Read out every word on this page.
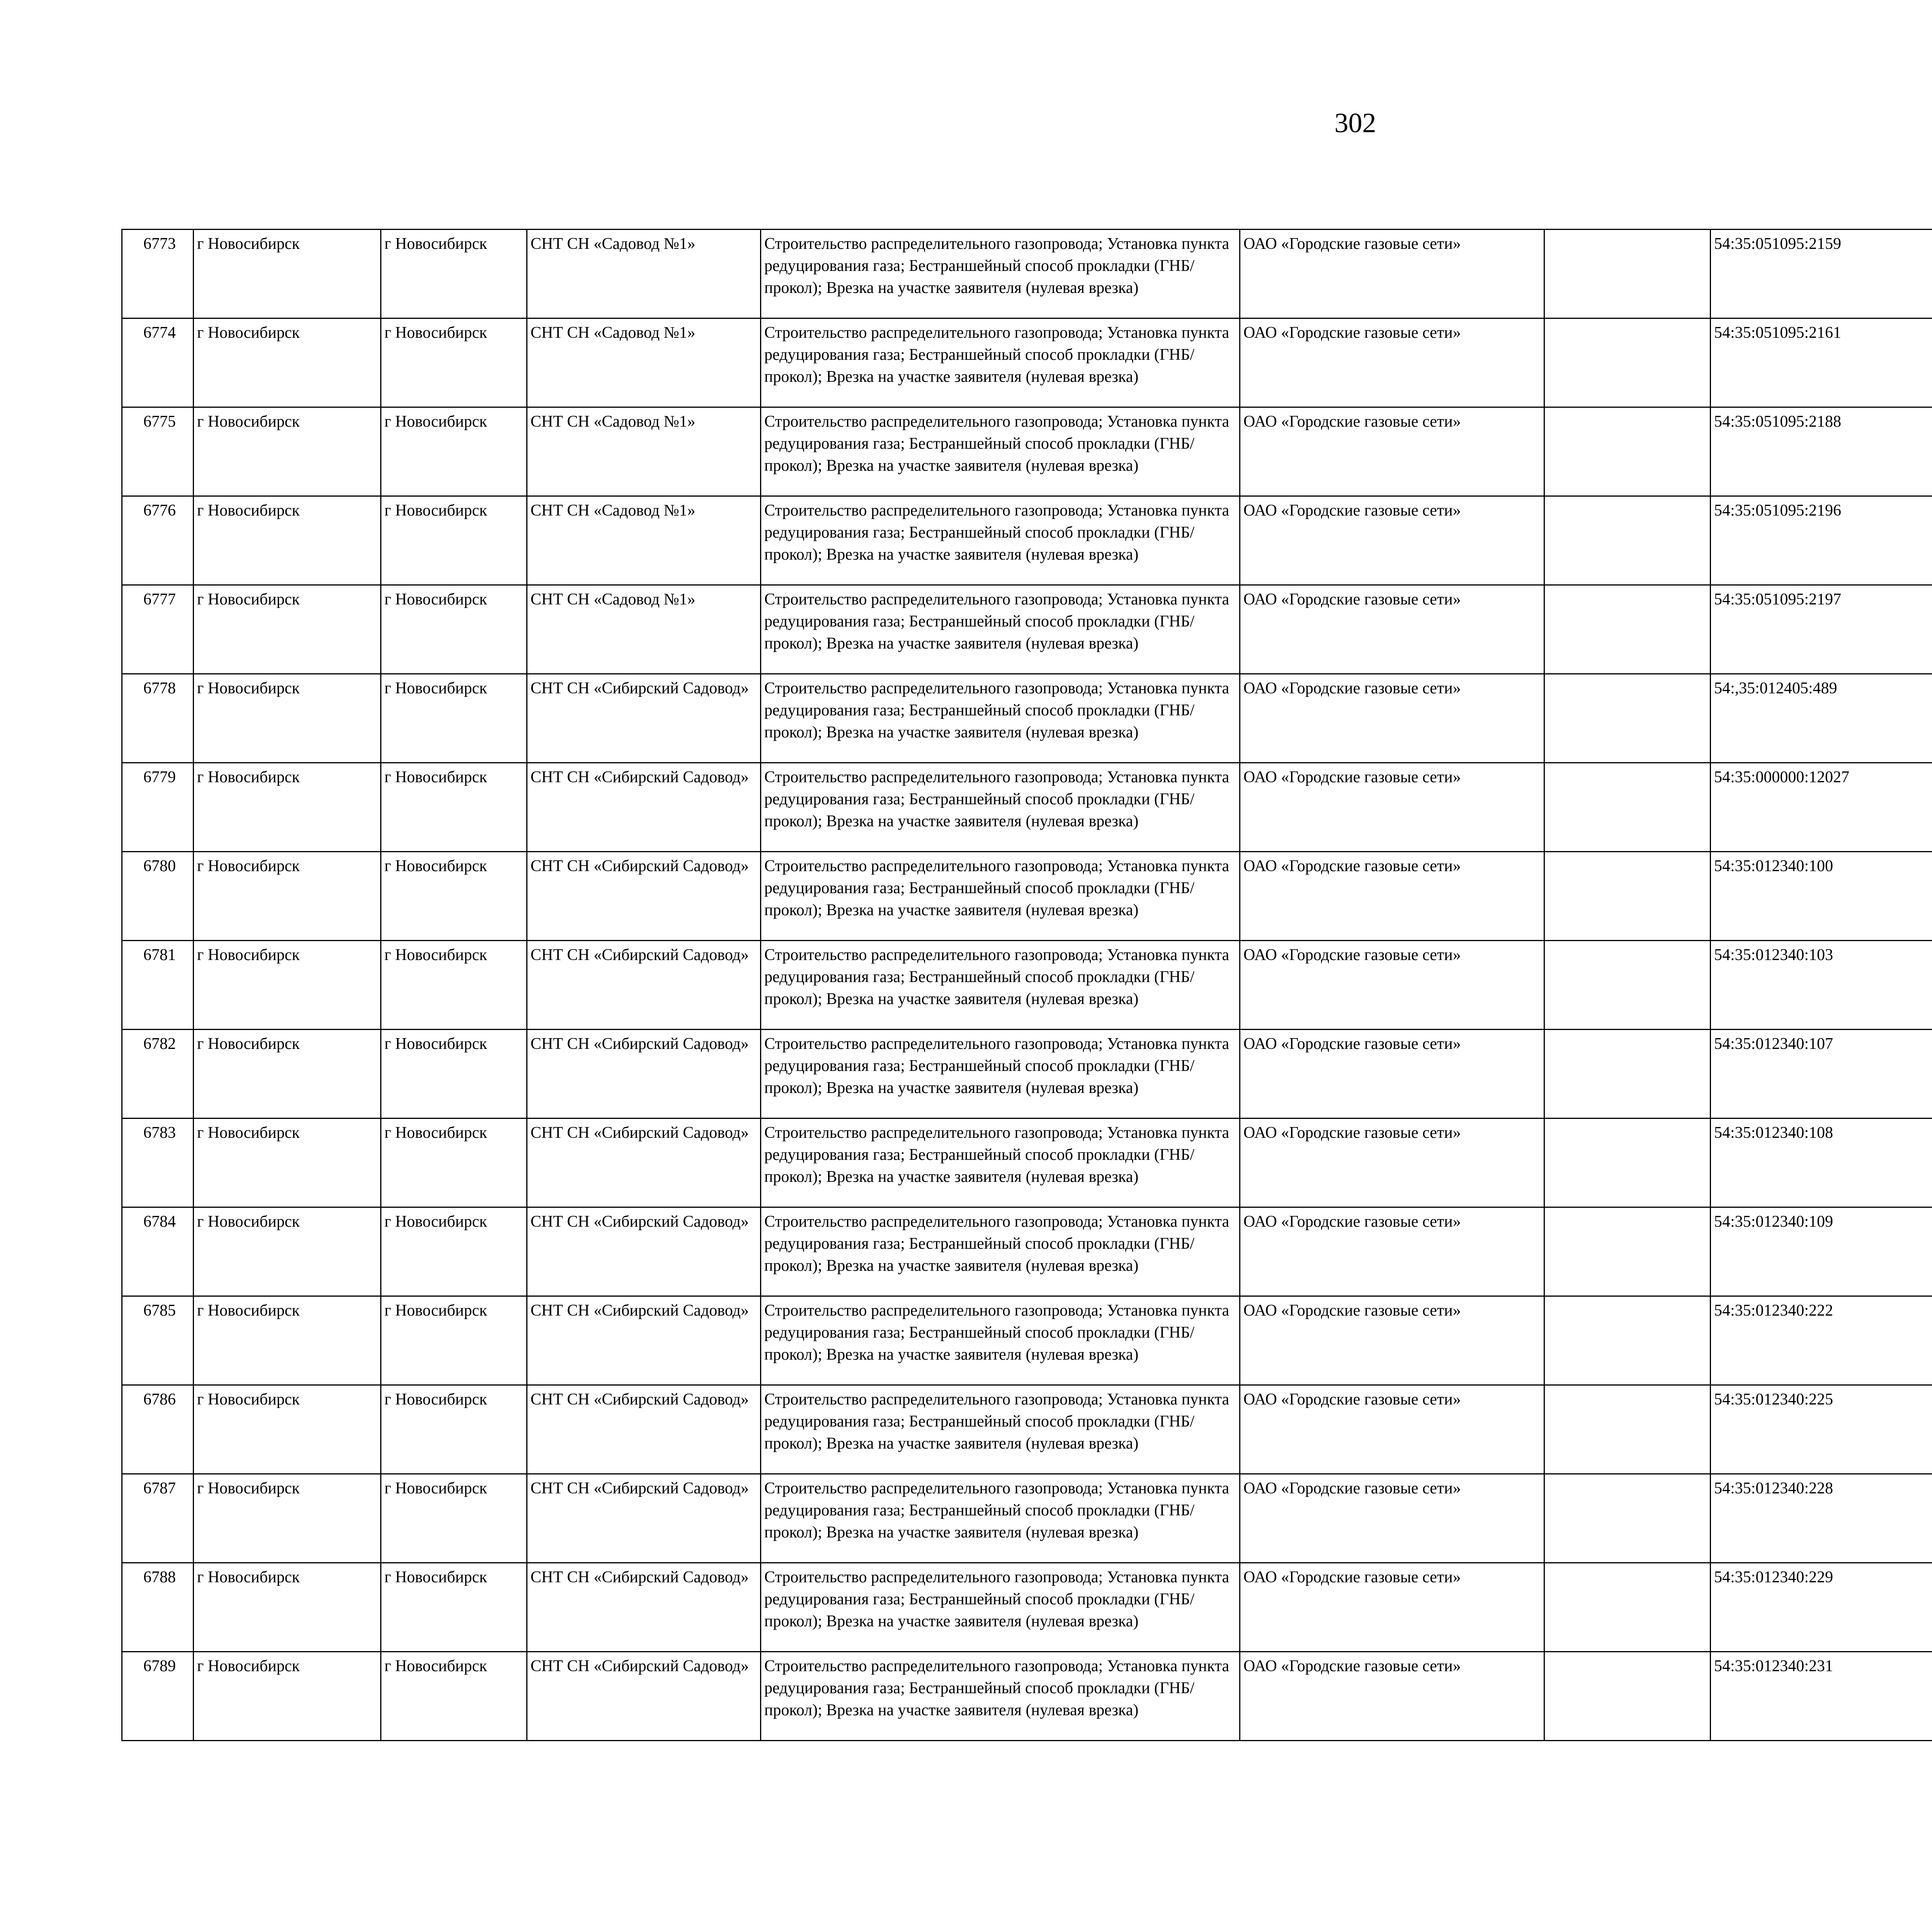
302
6773	г Новосибирск	г Новосибирск	СНТ СН «Садовод №1»	Строительство распределительного газопровода; Установка пункта редуцирования газа; Бестраншейный способ прокладки (ГНБ/прокол); Врезка на участке заявителя (нулевая врезка)	ОАО «Городские газовые сети»		54:35:051095:2159					
6774	г Новосибирск	г Новосибирск	СНТ СН «Садовод №1»	Строительство распределительного газопровода; Установка пункта редуцирования газа; Бестраншейный способ прокладки (ГНБ/прокол); Врезка на участке заявителя (нулевая врезка)	ОАО «Городские газовые сети»		54:35:051095:2161					
6775	г Новосибирск	г Новосибирск	СНТ СН «Садовод №1»	Строительство распределительного газопровода; Установка пункта редуцирования газа; Бестраншейный способ прокладки (ГНБ/прокол); Врезка на участке заявителя (нулевая врезка)	ОАО «Городские газовые сети»		54:35:051095:2188					
6776	г Новосибирск	г Новосибирск	СНТ СН «Садовод №1»	Строительство распределительного газопровода; Установка пункта редуцирования газа; Бестраншейный способ прокладки (ГНБ/прокол); Врезка на участке заявителя (нулевая врезка)	ОАО «Городские газовые сети»		54:35:051095:2196					
6777	г Новосибирск	г Новосибирск	СНТ СН «Садовод №1»	Строительство распределительного газопровода; Установка пункта редуцирования газа; Бестраншейный способ прокладки (ГНБ/прокол); Врезка на участке заявителя (нулевая врезка)	ОАО «Городские газовые сети»		54:35:051095:2197					
6778	г Новосибирск	г Новосибирск	СНТ СН «Сибирский Садовод»	Строительство распределительного газопровода; Установка пункта редуцирования газа; Бестраншейный способ прокладки (ГНБ/прокол); Врезка на участке заявителя (нулевая врезка)	ОАО «Городские газовые сети»		54:,35:012405:489					
6779	г Новосибирск	г Новосибирск	СНТ СН «Сибирский Садовод»	Строительство распределительного газопровода; Установка пункта редуцирования газа; Бестраншейный способ прокладки (ГНБ/прокол); Врезка на участке заявителя (нулевая врезка)	ОАО «Городские газовые сети»		54:35:000000:12027					
6780	г Новосибирск	г Новосибирск	СНТ СН «Сибирский Садовод»	Строительство распределительного газопровода; Установка пункта редуцирования газа; Бестраншейный способ прокладки (ГНБ/прокол); Врезка на участке заявителя (нулевая врезка)	ОАО «Городские газовые сети»		54:35:012340:100					
6781	г Новосибирск	г Новосибирск	СНТ СН «Сибирский Садовод»	Строительство распределительного газопровода; Установка пункта редуцирования газа; Бестраншейный способ прокладки (ГНБ/прокол); Врезка на участке заявителя (нулевая врезка)	ОАО «Городские газовые сети»		54:35:012340:103					
6782	г Новосибирск	г Новосибирск	СНТ СН «Сибирский Садовод»	Строительство распределительного газопровода; Установка пункта редуцирования газа; Бестраншейный способ прокладки (ГНБ/прокол); Врезка на участке заявителя (нулевая врезка)	ОАО «Городские газовые сети»		54:35:012340:107					
6783	г Новосибирск	г Новосибирск	СНТ СН «Сибирский Садовод»	Строительство распределительного газопровода; Установка пункта редуцирования газа; Бестраншейный способ прокладки (ГНБ/прокол); Врезка на участке заявителя (нулевая врезка)	ОАО «Городские газовые сети»		54:35:012340:108					
6784	г Новосибирск	г Новосибирск	СНТ СН «Сибирский Садовод»	Строительство распределительного газопровода; Установка пункта редуцирования газа; Бестраншейный способ прокладки (ГНБ/прокол); Врезка на участке заявителя (нулевая врезка)	ОАО «Городские газовые сети»		54:35:012340:109					
6785	г Новосибирск	г Новосибирск	СНТ СН «Сибирский Садовод»	Строительство распределительного газопровода; Установка пункта редуцирования газа; Бестраншейный способ прокладки (ГНБ/прокол); Врезка на участке заявителя (нулевая врезка)	ОАО «Городские газовые сети»		54:35:012340:222					
6786	г Новосибирск	г Новосибирск	СНТ СН «Сибирский Садовод»	Строительство распределительного газопровода; Установка пункта редуцирования газа; Бестраншейный способ прокладки (ГНБ/прокол); Врезка на участке заявителя (нулевая врезка)	ОАО «Городские газовые сети»		54:35:012340:225					
6787	г Новосибирск	г Новосибирск	СНТ СН «Сибирский Садовод»	Строительство распределительного газопровода; Установка пункта редуцирования газа; Бестраншейный способ прокладки (ГНБ/прокол); Врезка на участке заявителя (нулевая врезка)	ОАО «Городские газовые сети»		54:35:012340:228					
6788	г Новосибирск	г Новосибирск	СНТ СН «Сибирский Садовод»	Строительство распределительного газопровода; Установка пункта редуцирования газа; Бестраншейный способ прокладки (ГНБ/прокол); Врезка на участке заявителя (нулевая врезка)	ОАО «Городские газовые сети»		54:35:012340:229					
6789	г Новосибирск	г Новосибирск	СНТ СН «Сибирский Садовод»	Строительство распределительного газопровода; Установка пункта редуцирования газа; Бестраншейный способ прокладки (ГНБ/прокол); Врезка на участке заявителя (нулевая врезка)	ОАО «Городские газовые сети»		54:35:012340:231					
